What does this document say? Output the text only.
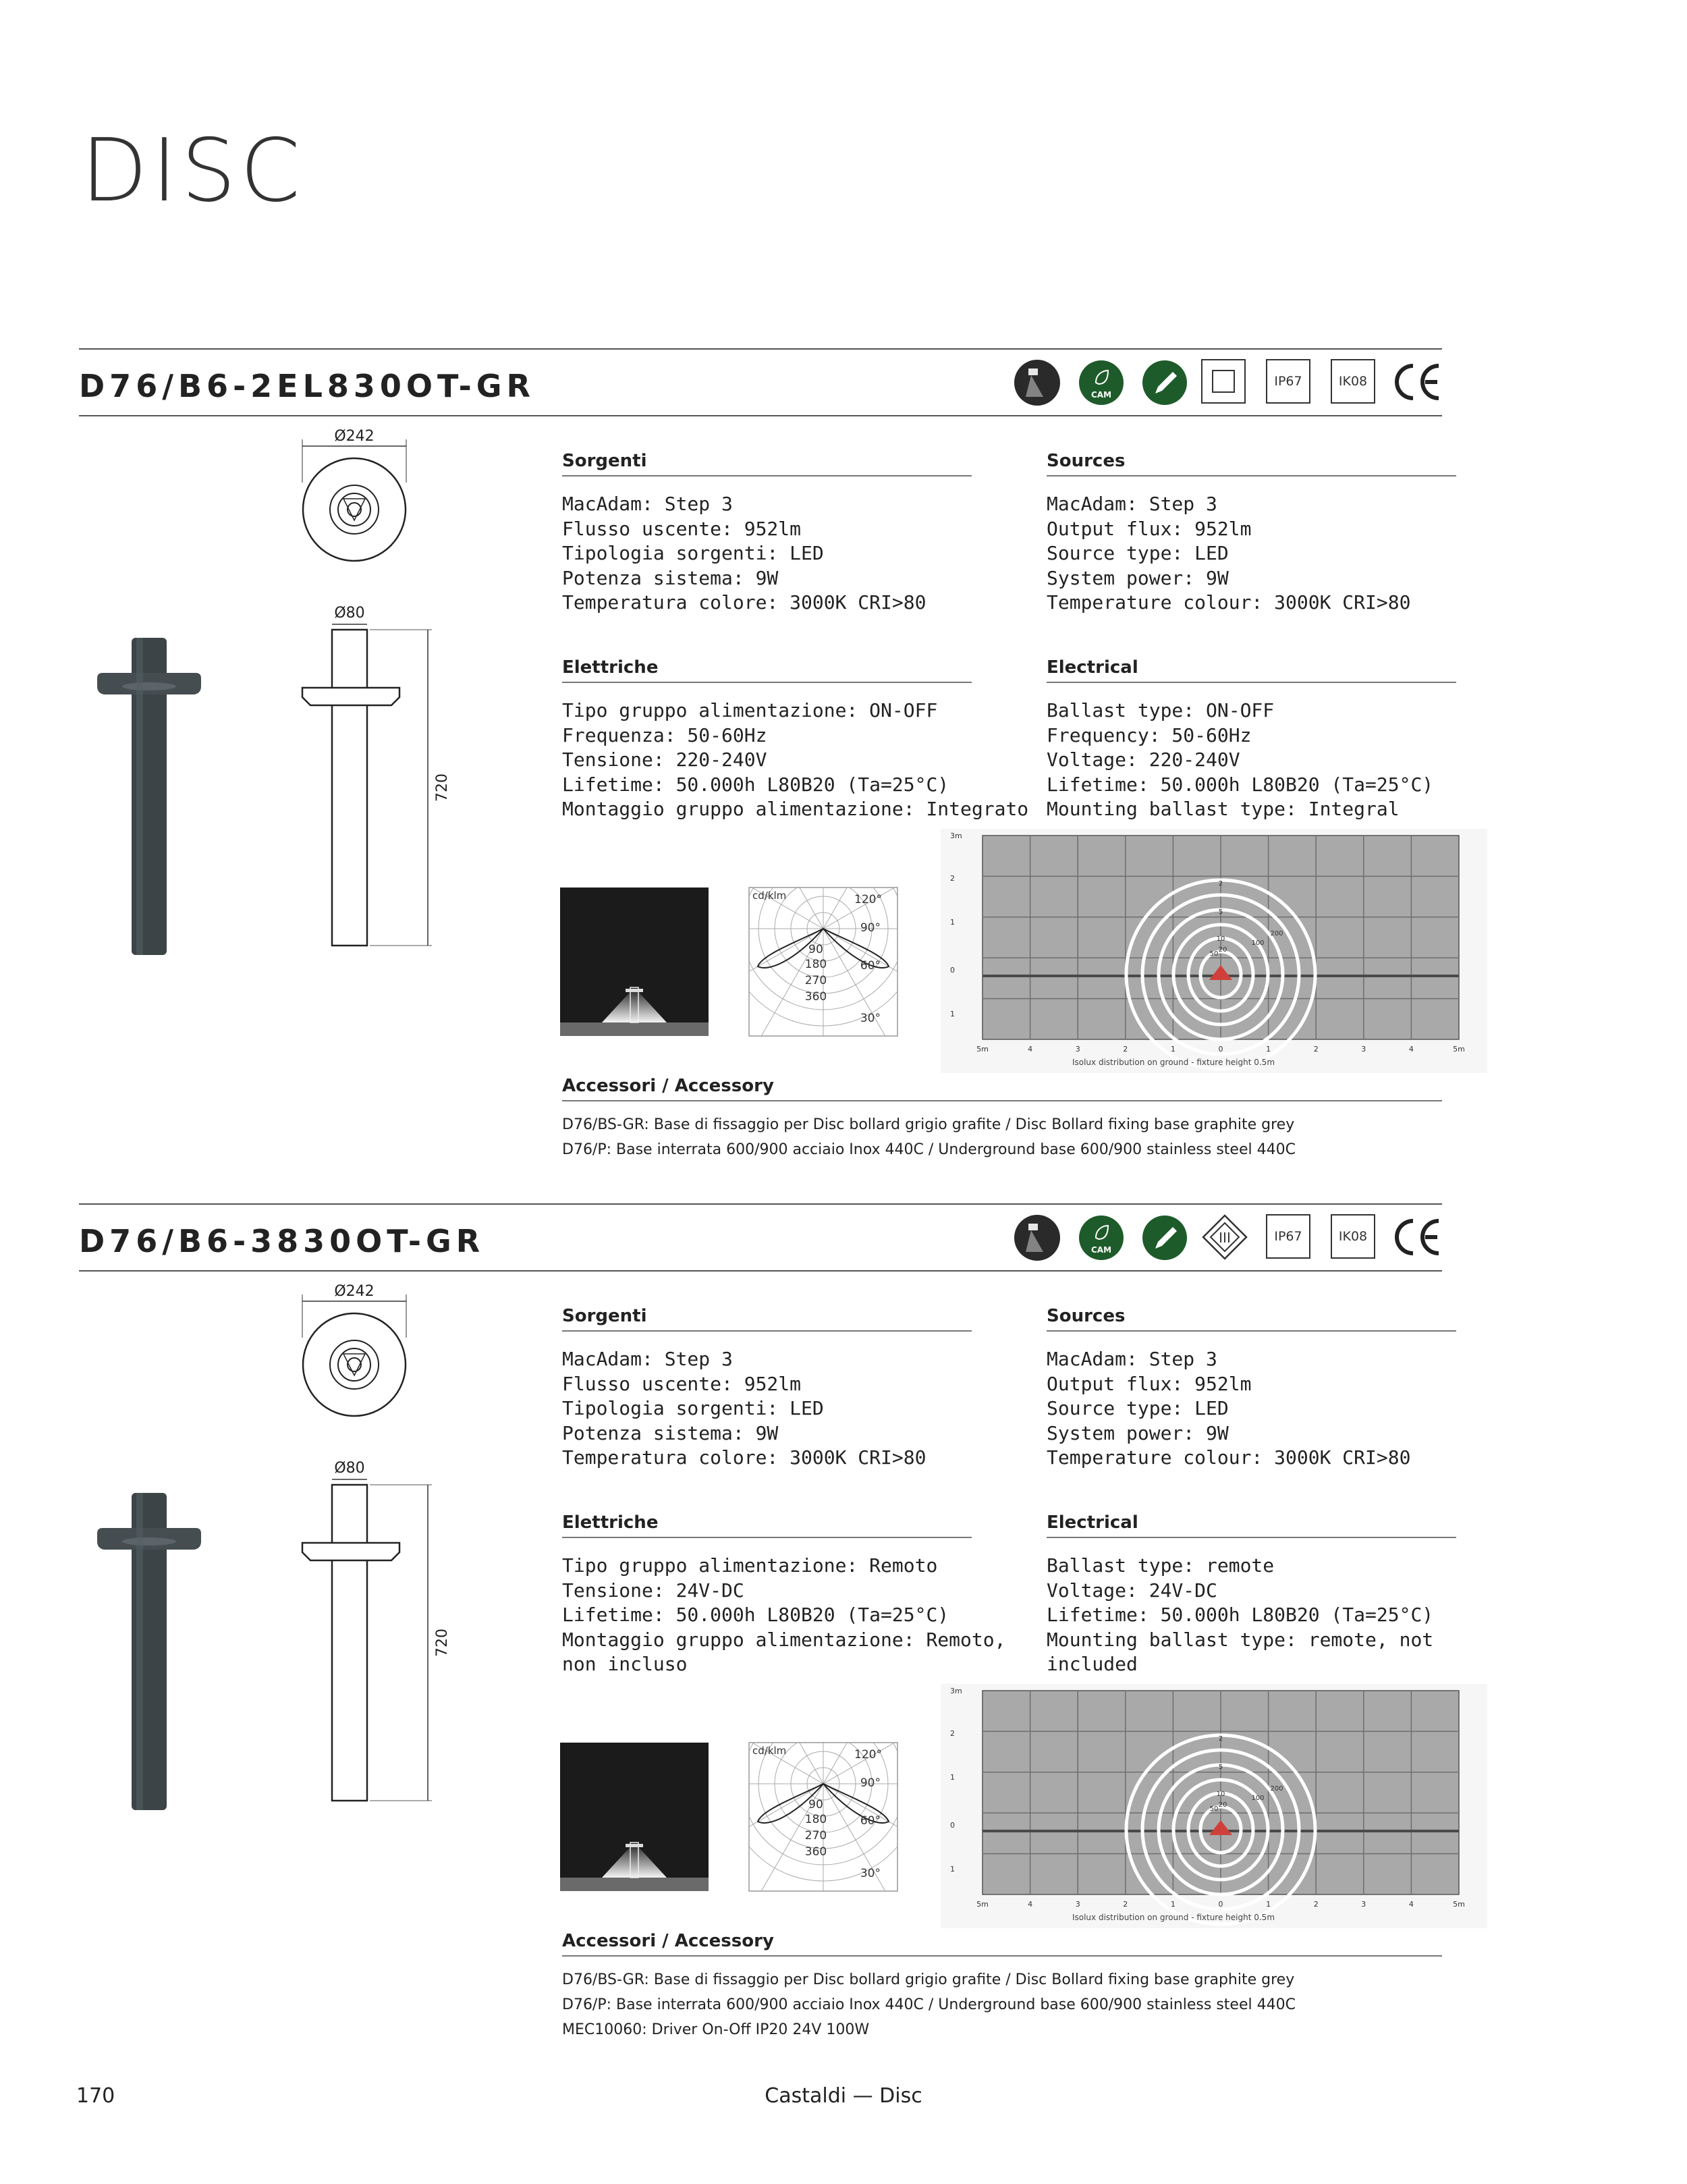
DISC
D76/B6-2EL830OT-GR	CAM
IP67	IK08
Ø242
Ø80
720
Sorgenti
MacAdam: Step 3
Flusso uscente: 952lm
Tipologia sorgenti: LED
Potenza sistema: 9W
Temperatura colore: 3000K CRI>80
Sources
MacAdam: Step 3
Output flux: 952lm
Source type: LED
System power: 9W
Temperature colour: 3000K CRI>80
Elettriche
Tipo gruppo alimentazione: ON-OFF
Frequenza: 50-60Hz
Tensione: 220-240V
Lifetime: 50.000h L80B20 (Ta=25°C)
Montaggio gruppo alimentazione: Integrato
Electrical
Ballast type: ON-OFF
Frequency: 50-60Hz
Voltage: 220-240V
Lifetime: 50.000h L80B20 (Ta=25°C)
Mounting ballast type: Integral
cd/klm	120°
90°
60°
30°
90
180
270
360
2
5
10
20
50
100
200
3m
2
1
0
1
5m	4	3	2	1	0	1	2	3	4	5m
Isolux distribution on ground - fixture height 0.5m
Accessori / Accessory
D76/BS-GR: Base di fissaggio per Disc bollard grigio grafite / Disc Bollard fixing base graphite grey
D76/P: Base interrata 600/900 acciaio Inox 440C / Underground base 600/900 stainless steel 440C
D76/B6-3830OT-GR	CAM
III	IP67	IK08
Ø242
Ø80
720
Sorgenti
MacAdam: Step 3
Flusso uscente: 952lm
Tipologia sorgenti: LED
Potenza sistema: 9W
Temperatura colore: 3000K CRI>80
Sources
MacAdam: Step 3
Output flux: 952lm
Source type: LED
System power: 9W
Temperature colour: 3000K CRI>80
Elettriche
Tipo gruppo alimentazione: Remoto
Tensione: 24V-DC
Lifetime: 50.000h L80B20 (Ta=25°C)
Montaggio gruppo alimentazione: Remoto,
non incluso
Electrical
Ballast type: remote
Voltage: 24V-DC
Lifetime: 50.000h L80B20 (Ta=25°C)
Mounting ballast type: remote, not
included
cd/klm	120°
90°
60°
30°
90
180
270
360
2
5
10
20
50
100
200
3m
2
1
0
1
5m	4	3	2	1	0	1	2	3	4	5m
Isolux distribution on ground - fixture height 0.5m
Accessori / Accessory
D76/BS-GR: Base di fissaggio per Disc bollard grigio grafite / Disc Bollard fixing base graphite grey
D76/P: Base interrata 600/900 acciaio Inox 440C / Underground base 600/900 stainless steel 440C
MEC10060: Driver On-Off IP20 24V 100W
170	Castaldi — Disc
